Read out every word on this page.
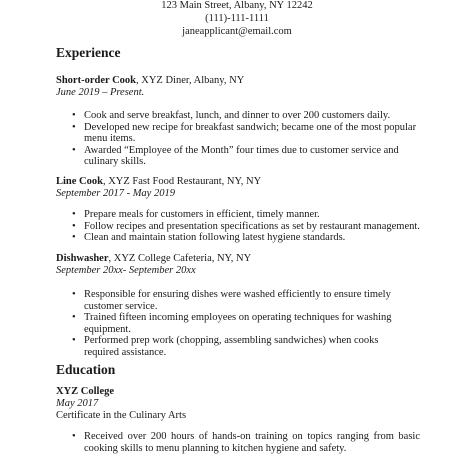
123 Main Street, Albany, NY 12242
(111)-111-1111
janeapplicant@email.com
Experience
Short-order Cook, XYZ Diner, Albany, NY
June 2019 – Present.
• Cook and serve breakfast, lunch, and dinner to over 200 customers daily.
• Developed new recipe for breakfast sandwich; became one of the most popular menu items.
• Awarded “Employee of the Month” four times due to customer service and culinary skills.
Line Cook, XYZ Fast Food Restaurant, NY, NY
September 2017 - May 2019
• Prepare meals for customers in efficient, timely manner.
• Follow recipes and presentation specifications as set by restaurant management.
• Clean and maintain station following latest hygiene standards.
Dishwasher, XYZ College Cafeteria, NY, NY
September 20xx- September 20xx
• Responsible for ensuring dishes were washed efficiently to ensure timely customer service.
• Trained fifteen incoming employees on operating techniques for washing equipment.
• Performed prep work (chopping, assembling sandwiches) when cooks required assistance.
Education
XYZ College
May 2017
Certificate in the Culinary Arts
• Received over 200 hours of hands-on training on topics ranging from basic cooking skills to menu planning to kitchen hygiene and safety.
